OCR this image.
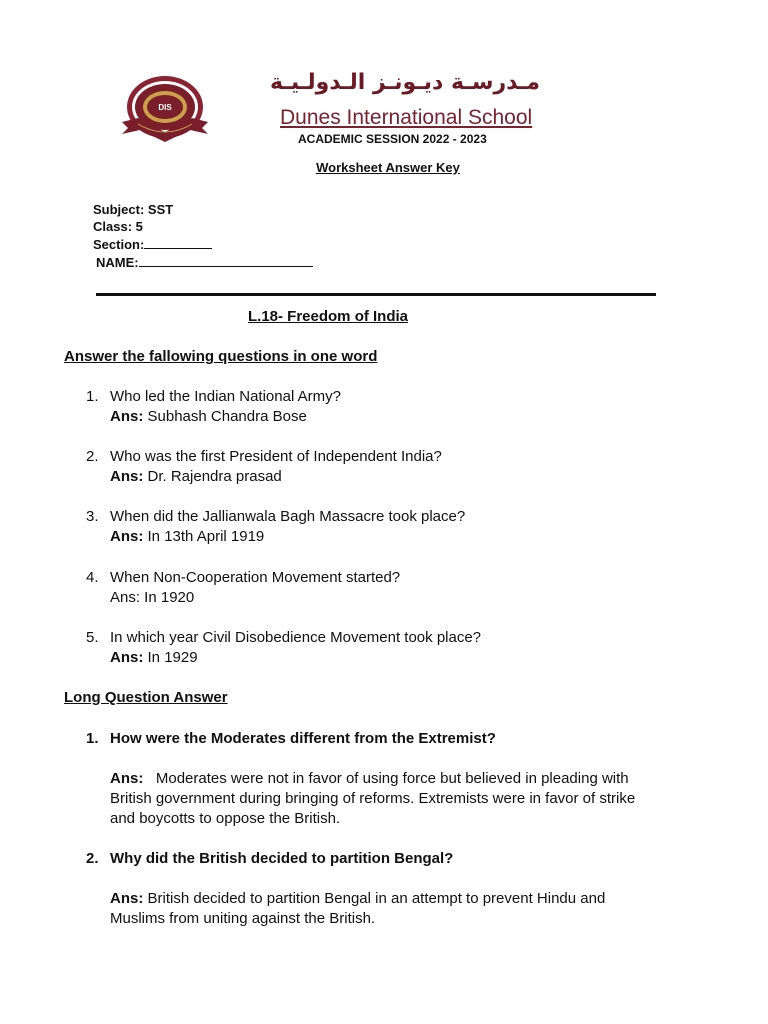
DIS
مـدرسـة ديـونـز الـدولـيـة
Dunes International School
ACADEMIC SESSION 2022 - 2023
Worksheet Answer Key
Subject: SST
Class: 5
Section:
NAME:
L.18- Freedom of India
Answer the fallowing questions in one word
1. Who led the Indian National Army?
Ans: Subhash Chandra Bose
2. Who was the first President of Independent India?
Ans: Dr. Rajendra prasad
3. When did the Jallianwala Bagh Massacre took place?
Ans: In 13th April 1919
4. When Non-Cooperation Movement started?
Ans: In 1920
5. In which year Civil Disobedience Movement took place?
Ans: In 1929
Long Question Answer
1. How were the Moderates different from the Extremist?
Ans: Moderates were not in favor of using force but believed in pleading with
British government during bringing of reforms. Extremists were in favor of strike
and boycotts to oppose the British.
2. Why did the British decided to partition Bengal?
Ans: British decided to partition Bengal in an attempt to prevent Hindu and
Muslims from uniting against the British.
